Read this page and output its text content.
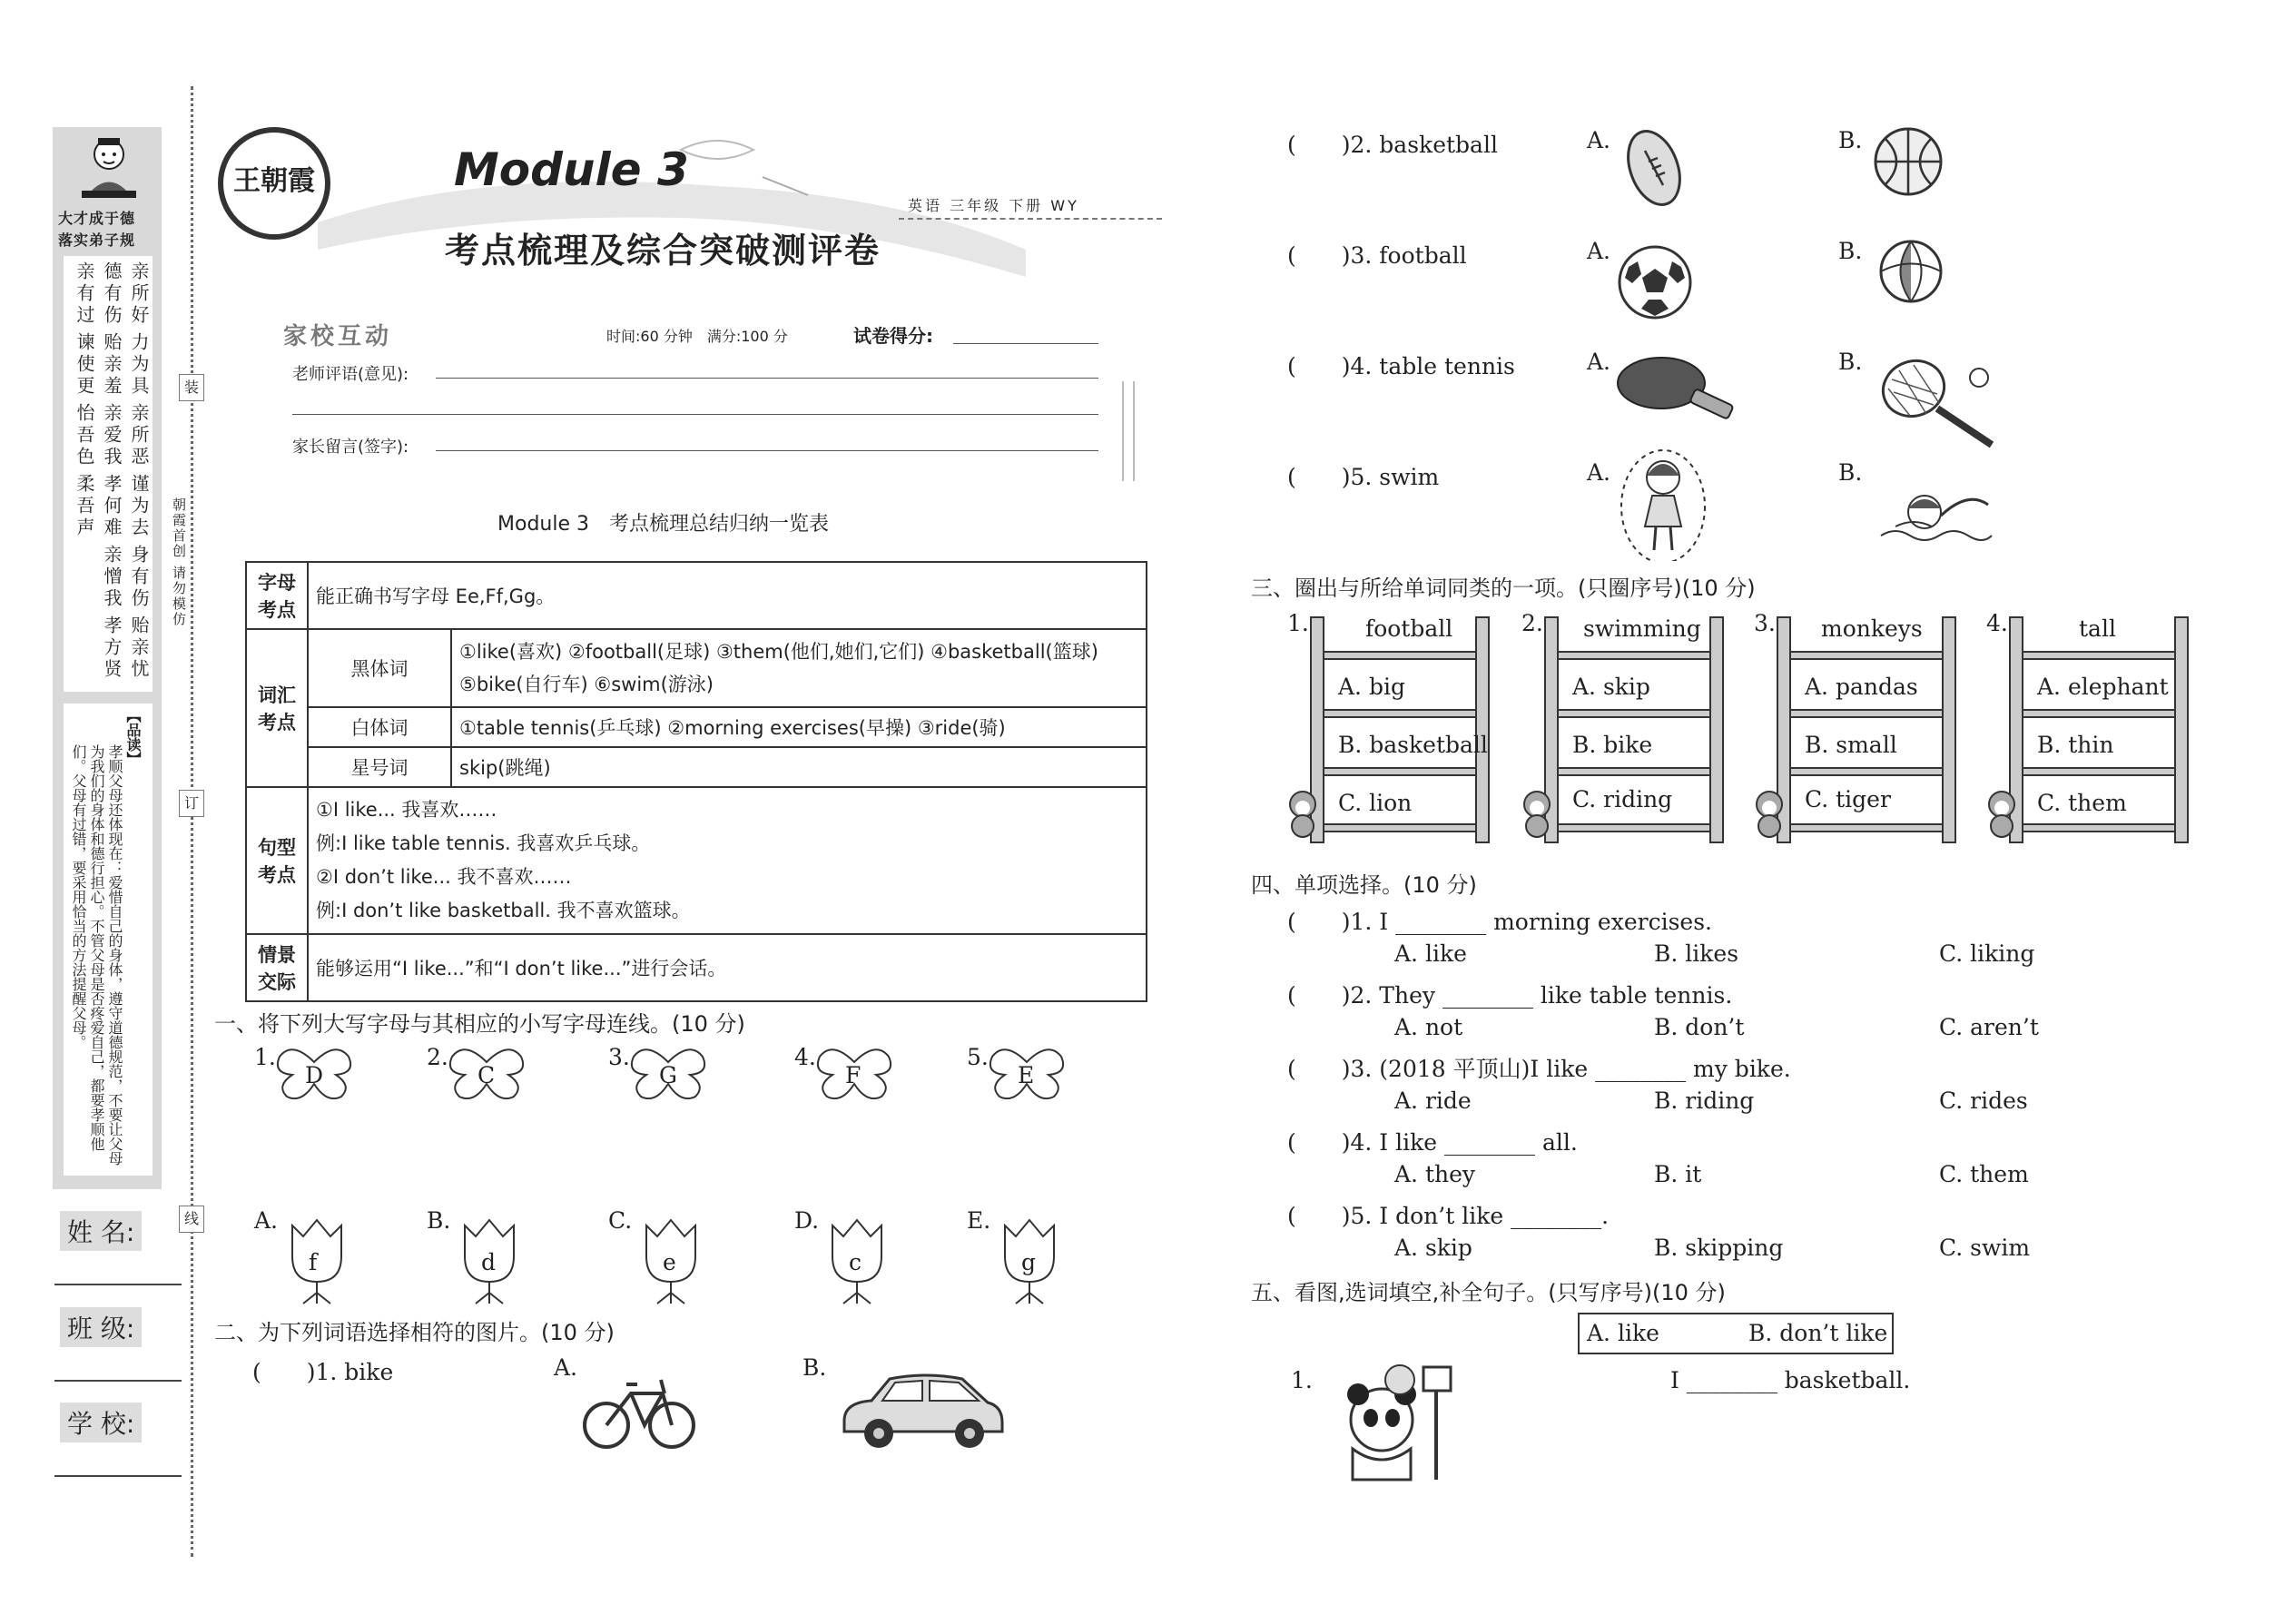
大才成于德
落实弟子规
亲所好
力为具
亲所恶
谨为去
身有伤
贻亲忧
德有伤
贻亲羞
亲爱我
孝何难
亲憎我
孝方贤
亲有过
谏使更
怡吾色
柔吾声
【品读】
孝顺父母还体现在：爱惜自己的身体，遵守道德规范，不要让父母为我们的身体和德行担心。不管父母是否疼爱自己，都要孝顺他们。父母有过错，要采用恰当的方法提醒父母。
装
订
线
朝霞首创 请勿模仿
姓 名:
班 级:
学 校:
王朝霞	Module 3
考点梳理及综合突破测评卷
英语 三年级 下册 WY
家校互动	时间:60 分钟　满分:100 分	试卷得分:
老师评语(意见):
家长留言(签字):
Module 3　考点梳理总结归纳一览表
字母考点	能正确书写字母 Ee,Ff,Gg。	
词汇考点	黑体词	①like(喜欢) ②football(足球) ③them(他们,她们,它们) ④basketball(篮球) ⑤bike(自行车) ⑥swim(游泳)
	白体词	①table tennis(乒乓球) ②morning exercises(早操) ③ride(骑)
	星号词	skip(跳绳)
句型考点	①I like... 我喜欢……
例:I like table tennis. 我喜欢乒乓球。
②I don’t like... 我不喜欢……
例:I don’t like basketball. 我不喜欢篮球。	

情景交际	能够运用“I like...”和“I don’t like...”进行会话。	
一、将下列大写字母与其相应的小写字母连线。(10 分)
1.
D
2.
C
3.
G
4.
F
5.
E
A.
f
B.
d
C.
e
D.
c
E.
g
二、为下列词语选择相符的图片。(10 分)
(　　)1. bike	A.	B.
(　　)2. basketball	A.	B.
(　　)3. football	A.	B.
(　　)4. table tennis	A.	B.
(　　)5. swim	A.	B.
三、圈出与所给单词同类的一项。(只圈序号)(10 分)
1. football
A. big
B. basketball
C. lion
2. swimming
A. skip
B. bike
C. riding
3. monkeys
A. pandas
B. small
C. tiger
4.	tall
A. elephant
B. thin
C. them
四、单项选择。(10 分)
(　　)1. I ________ morning exercises.
A. like	B. likes	C. liking
(　　)2. They ________ like table tennis.
A. not	B. don’t	C. aren’t
(　　)3. (2018 平顶山)I like ________ my bike.
A. ride	B. riding	C. rides
(　　)4. I like ________ all.
A. they	B. it	C. them
(　　)5. I don’t like ________.
A. skip	B. skipping	C. swim
五、看图,选词填空,补全句子。(只写序号)(10 分)
A. like	B. don’t like
1.	I ________ basketball.
